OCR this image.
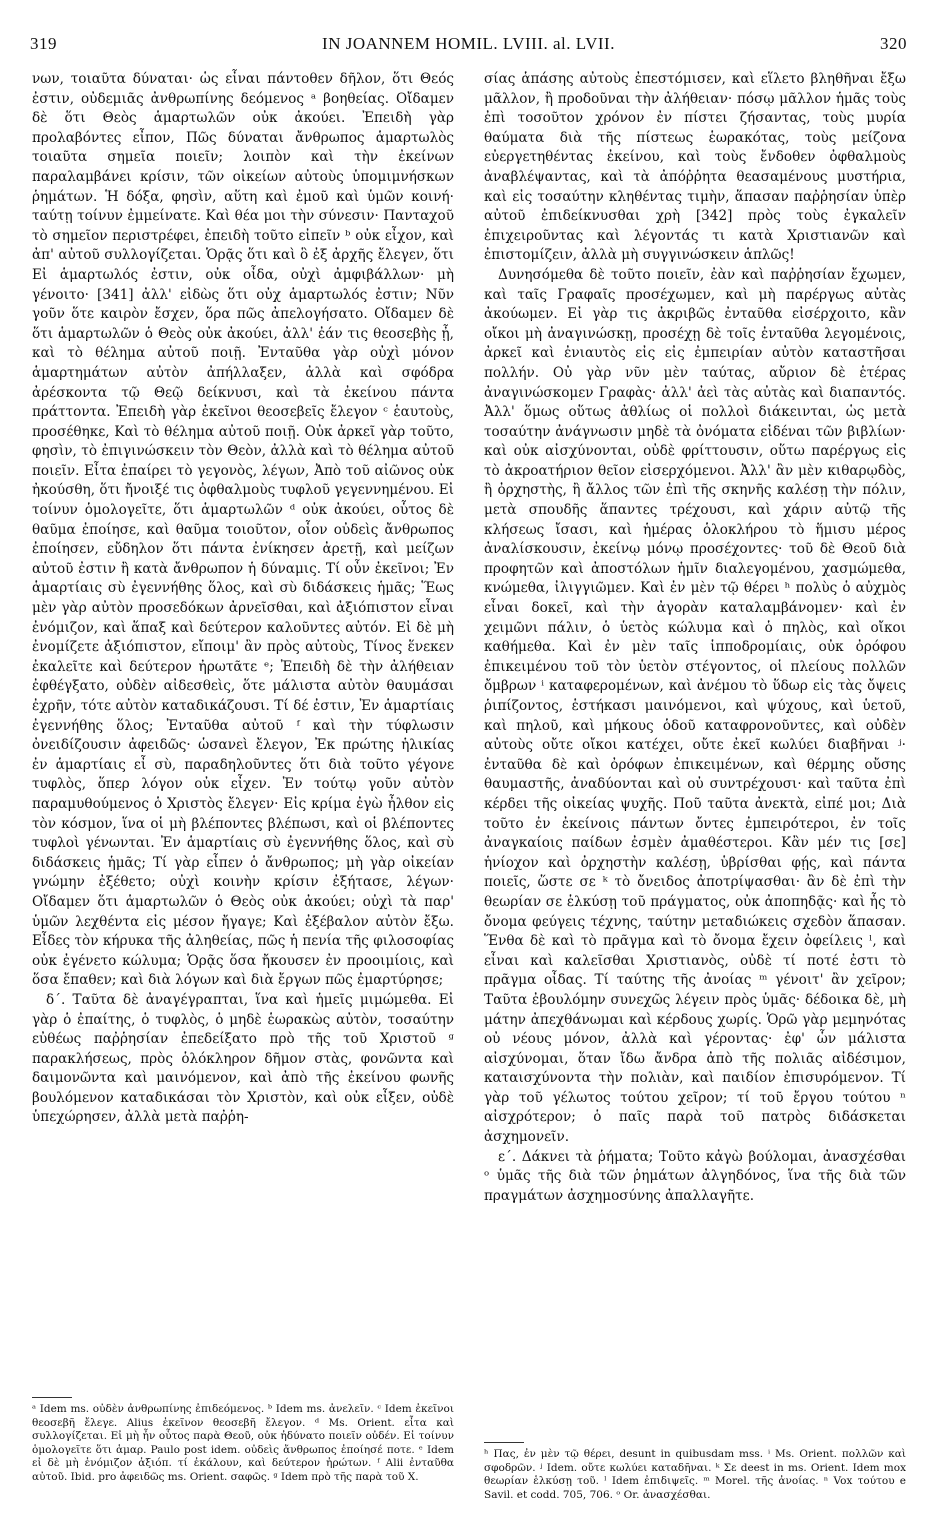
319	IN JOANNEM HOMIL. LVIII. al. LVII.	320

νων, τοιαῦτα δύναται· ὡς εἶναι πάντοθεν δῆλον, ὅτι Θεός ἐστιν, οὐδεμιᾶς ἀνθρωπίνης δεόμενος ᵃ βοηθείας. Οἴδαμεν δὲ ὅτι Θεὸς ἁμαρτωλῶν οὐκ ἀκούει. Ἐπειδὴ γὰρ προλαβόντες εἶπον, Πῶς δύναται ἄνθρωπος ἁμαρτωλὸς τοιαῦτα σημεῖα ποιεῖν; λοιπὸν καὶ τὴν ἐκείνων παραλαμβάνει κρίσιν, τῶν οἰκείων αὐτοὺς ὑπομιμνήσκων ῥημάτων. Ἡ δόξα, φησὶν, αὕτη καὶ ἐμοῦ καὶ ὑμῶν κοινή· ταύτῃ τοίνυν ἐμμείνατε. Καὶ θέα μοι τὴν σύνεσιν· Πανταχοῦ τὸ σημεῖον περιστρέφει, ἐπειδὴ τοῦτο εἰπεῖν ᵇ οὐκ εἶχον, καὶ ἀπ' αὐτοῦ συλλογίζεται. Ὁρᾷς ὅτι καὶ ὃ ἐξ ἀρχῆς ἔλεγεν, ὅτι Εἰ ἁμαρτωλός ἐστιν, οὐκ οἶδα, οὐχὶ ἀμφιβάλλων· μὴ γένοιτο· [341] ἀλλ' εἰδὼς ὅτι οὐχ ἁμαρτωλός ἐστιν; Νῦν γοῦν ὅτε καιρὸν ἔσχεν, ὅρα πῶς ἀπελογήσατο. Οἴδαμεν δὲ ὅτι ἁμαρτωλῶν ὁ Θεὸς οὐκ ἀκούει, ἀλλ' ἐάν τις θεοσεβὴς ᾖ, καὶ τὸ θέλημα αὐτοῦ ποιῇ. Ἐνταῦθα γὰρ οὐχὶ μόνον ἁμαρτημάτων αὐτὸν ἀπήλλαξεν, ἀλλὰ καὶ σφόδρα ἀρέσκοντα τῷ Θεῷ δείκνυσι, καὶ τὰ ἐκείνου πάντα πράττοντα. Ἐπειδὴ γὰρ ἐκεῖνοι θεοσεβεῖς ἔλεγον ᶜ ἑαυτοὺς, προσέθηκε, Καὶ τὸ θέλημα αὐτοῦ ποιῇ. Οὐκ ἀρκεῖ γὰρ τοῦτο, φησὶν, τὸ ἐπιγινώσκειν τὸν Θεὸν, ἀλλὰ καὶ τὸ θέλημα αὐτοῦ ποιεῖν. Εἶτα ἐπαίρει τὸ γεγονὸς, λέγων, Ἀπὸ τοῦ αἰῶνος οὐκ ἠκούσθη, ὅτι ἤνοιξέ τις ὀφθαλμοὺς τυφλοῦ γεγεννημένου. Εἰ τοίνυν ὁμολογεῖτε, ὅτι ἁμαρτωλῶν ᵈ οὐκ ἀκούει, οὗτος δὲ θαῦμα ἐποίησε, καὶ θαῦμα τοιοῦτον, οἷον οὐδεὶς ἄνθρωπος ἐποίησεν, εὔδηλον ὅτι πάντα ἐνίκησεν ἀρετῇ, καὶ μείζων αὐτοῦ ἐστιν ἢ κατὰ ἄνθρωπον ἡ δύναμις. Τί οὖν ἐκεῖνοι; Ἐν ἁμαρτίαις σὺ ἐγεννήθης ὅλος, καὶ σὺ διδάσκεις ἡμᾶς; Ἕως μὲν γὰρ αὐτὸν προσεδόκων ἀρνεῖσθαι, καὶ ἀξιόπιστον εἶναι ἐνόμιζον, καὶ ἅπαξ καὶ δεύτερον καλοῦντες αὐτόν. Εἰ δὲ μὴ ἐνομίζετε ἀξιόπιστον, εἴποιμ' ἂν πρὸς αὐτοὺς, Τίνος ἕνεκεν ἐκαλεῖτε καὶ δεύτερον ἠρωτᾶτε ᵉ; Ἐπειδὴ δὲ τὴν ἀλήθειαν ἐφθέγξατο, οὐδὲν αἰδεσθεὶς, ὅτε μάλιστα αὐτὸν θαυμάσαι ἐχρῆν, τότε αὐτὸν καταδικάζουσι. Τί δέ ἐστιν, Ἐν ἁμαρτίαις ἐγεννήθης ὅλος; Ἐνταῦθα αὐτοῦ ᶠ καὶ τὴν τύφλωσιν ὀνειδίζουσιν ἀφειδῶς· ὡσανεὶ ἔλεγον, Ἐκ πρώτης ἡλικίας ἐν ἁμαρτίαις εἶ σὺ, παραδηλοῦντες ὅτι διὰ τοῦτο γέγονε τυφλὸς, ὅπερ λόγον οὐκ εἶχεν. Ἐν τούτῳ γοῦν αὐτὸν παραμυθούμενος ὁ Χριστὸς ἔλεγεν· Εἰς κρίμα ἐγὼ ἦλθον εἰς τὸν κόσμον, ἵνα οἱ μὴ βλέποντες βλέπωσι, καὶ οἱ βλέποντες τυφλοὶ γένωνται. Ἐν ἁμαρτίαις σὺ ἐγεννήθης ὅλος, καὶ σὺ διδάσκεις ἡμᾶς; Τί γὰρ εἶπεν ὁ ἄνθρωπος; μὴ γὰρ οἰκείαν γνώμην ἐξέθετο; οὐχὶ κοινὴν κρίσιν ἐξήτασε, λέγων· Οἴδαμεν ὅτι ἁμαρτωλῶν ὁ Θεὸς οὐκ ἀκούει; οὐχὶ τὰ παρ' ὑμῶν λεχθέντα εἰς μέσον ἤγαγε; Καὶ ἐξέβαλον αὐτὸν ἔξω. Εἶδες τὸν κήρυκα τῆς ἀληθείας, πῶς ἡ πενία τῆς φιλοσοφίας οὐκ ἐγένετο κώλυμα; Ὁρᾷς ὅσα ἤκουσεν ἐν προοιμίοις, καὶ ὅσα ἔπαθεν; καὶ διὰ λόγων καὶ διὰ ἔργων πῶς ἐμαρτύρησε;

δ΄. Ταῦτα δὲ ἀναγέγραπται, ἵνα καὶ ἡμεῖς μιμώμεθα. Εἰ γὰρ ὁ ἐπαίτης, ὁ τυφλὸς, ὁ μηδὲ ἑωρακὼς αὐτὸν, τοσαύτην εὐθέως παῤῥησίαν ἐπεδείξατο πρὸ τῆς τοῦ Χριστοῦ ᵍ παρακλήσεως, πρὸς ὁλόκληρον δῆμον στὰς, φονῶντα καὶ δαιμονῶντα καὶ μαινόμενον, καὶ ἀπὸ τῆς ἐκείνου φωνῆς βουλόμενον καταδικάσαι τὸν Χριστὸν, καὶ οὐκ εἶξεν, οὐδὲ ὑπεχώρησεν, ἀλλὰ μετὰ παῤῥη-

σίας ἁπάσης αὐτοὺς ἐπεστόμισεν, καὶ εἵλετο βληθῆναι ἔξω μᾶλλον, ἢ προδοῦναι τὴν ἀλήθειαν· πόσῳ μᾶλλον ἡμᾶς τοὺς ἐπὶ τοσοῦτον χρόνον ἐν πίστει ζήσαντας, τοὺς μυρία θαύματα διὰ τῆς πίστεως ἑωρακότας, τοὺς μείζονα εὐεργετηθέντας ἐκείνου, καὶ τοὺς ἔνδοθεν ὀφθαλμοὺς ἀναβλέψαντας, καὶ τὰ ἀπόῤῥητα θεασαμένους μυστήρια, καὶ εἰς τοσαύτην κληθέντας τιμὴν, ἅπασαν παῤῥησίαν ὑπὲρ αὐτοῦ ἐπιδείκνυσθαι χρὴ [342] πρὸς τοὺς ἐγκαλεῖν ἐπιχειροῦντας καὶ λέγοντάς τι κατὰ Χριστιανῶν καὶ ἐπιστομίζειν, ἀλλὰ μὴ συγγινώσκειν ἁπλῶς!

Δυνησόμεθα δὲ τοῦτο ποιεῖν, ἐὰν καὶ παῤῥησίαν ἔχωμεν, καὶ ταῖς Γραφαῖς προσέχωμεν, καὶ μὴ παρέργως αὐτὰς ἀκούωμεν. Εἰ γὰρ τις ἀκριβῶς ἐνταῦθα εἰσέρχοιτο, κἂν οἴκοι μὴ ἀναγινώσκῃ, προσέχῃ δὲ τοῖς ἐνταῦθα λεγομένοις, ἀρκεῖ καὶ ἐνιαυτὸς εἰς εἰς ἐμπειρίαν αὐτὸν καταστῆσαι πολλήν. Οὐ γὰρ νῦν μὲν ταύτας, αὔριον δὲ ἑτέρας ἀναγινώσκομεν Γραφὰς· ἀλλ' ἀεὶ τὰς αὐτὰς καὶ διαπαντός. Ἀλλ' ὅμως οὕτως ἀθλίως οἱ πολλοὶ διάκεινται, ὡς μετὰ τοσαύτην ἀνάγνωσιν μηδὲ τὰ ὀνόματα εἰδέναι τῶν βιβλίων· καὶ οὐκ αἰσχύνονται, οὐδὲ φρίττουσιν, οὕτω παρέργως εἰς τὸ ἀκροατήριον θεῖον εἰσερχόμενοι. Ἀλλ' ἂν μὲν κιθαρῳδὸς, ἢ ὀρχηστὴς, ἢ ἄλλος τῶν ἐπὶ τῆς σκηνῆς καλέσῃ τὴν πόλιν, μετὰ σπουδῆς ἅπαντες τρέχουσι, καὶ χάριν αὐτῷ τῆς κλήσεως ἴσασι, καὶ ἡμέρας ὁλοκλήρου τὸ ἥμισυ μέρος ἀναλίσκουσιν, ἐκείνῳ μόνῳ προσέχοντες· τοῦ δὲ Θεοῦ διὰ προφητῶν καὶ ἀποστόλων ἡμῖν διαλεγομένου, χασμώμεθα, κνώμεθα, ἰλιγγιῶμεν. Καὶ ἐν μὲν τῷ θέρει ʰ πολὺς ὁ αὐχμὸς εἶναι δοκεῖ, καὶ τὴν ἀγορὰν καταλαμβάνομεν· καὶ ἐν χειμῶνι πάλιν, ὁ ὑετὸς κώλυμα καὶ ὁ πηλὸς, καὶ οἴκοι καθήμεθα. Καὶ ἐν μὲν ταῖς ἱπποδρομίαις, οὐκ ὀρόφου ἐπικειμένου τοῦ τὸν ὑετὸν στέγοντος, οἱ πλείους πολλῶν ὄμβρων ⁱ καταφερομένων, καὶ ἀνέμου τὸ ὕδωρ εἰς τὰς ὄψεις ῥιπίζοντος, ἑστήκασι μαινόμενοι, καὶ ψύχους, καὶ ὑετοῦ, καὶ πηλοῦ, καὶ μήκους ὁδοῦ καταφρονοῦντες, καὶ οὐδὲν αὐτοὺς οὔτε οἴκοι κατέχει, οὔτε ἐκεῖ κωλύει διαβῆναι ʲ· ἐνταῦθα δὲ καὶ ὀρόφων ἐπικειμένων, καὶ θέρμης οὔσης θαυμαστῆς, ἀναδύονται καὶ οὐ συντρέχουσι· καὶ ταῦτα ἐπὶ κέρδει τῆς οἰκείας ψυχῆς. Ποῦ ταῦτα ἀνεκτὰ, εἰπέ μοι; Διὰ τοῦτο ἐν ἐκείνοις πάντων ὄντες ἐμπειρότεροι, ἐν τοῖς ἀναγκαίοις παίδων ἐσμὲν ἀμαθέστεροι. Κἂν μέν τις [σε] ἡνίοχον καὶ ὀρχηστὴν καλέσῃ, ὑβρίσθαι φῄς, καὶ πάντα ποιεῖς, ὥστε σε ᵏ τὸ ὄνειδος ἀποτρίψασθαι· ἂν δὲ ἐπὶ τὴν θεωρίαν σε ἑλκύσῃ τοῦ πράγματος, οὐκ ἀποπηδᾷς· καὶ ἧς τὸ ὄνομα φεύγεις τέχνης, ταύτην μεταδιώκεις σχεδὸν ἅπασαν. Ἕνθα δὲ καὶ τὸ πρᾶγμα καὶ τὸ ὄνομα ἔχειν ὀφείλεις ˡ, καὶ εἶναι καὶ καλεῖσθαι Χριστιανὸς, οὐδὲ τί ποτέ ἐστι τὸ πρᾶγμα οἶδας. Τί ταύτης τῆς ἀνοίας ᵐ γένοιτ' ἂν χεῖρον; Ταῦτα ἐβουλόμην συνεχῶς λέγειν πρὸς ὑμᾶς· δέδοικα δὲ, μὴ μάτην ἀπεχθάνωμαι καὶ κέρδους χωρίς. Ὁρῶ γὰρ μεμηνότας οὐ νέους μόνον, ἀλλὰ καὶ γέροντας· ἐφ' ὧν μάλιστα αἰσχύνομαι, ὅταν ἴδω ἄνδρα ἀπὸ τῆς πολιᾶς αἰδέσιμον, καταισχύνοντα τὴν πολιὰν, καὶ παιδίον ἐπισυρόμενον. Τί γὰρ τοῦ γέλωτος τούτου χεῖρον; τί τοῦ ἔργου τούτου ⁿ αἰσχρότερον; ὁ παῖς παρὰ τοῦ πατρὸς διδάσκεται ἀσχημονεῖν.

ε΄. Δάκνει τὰ ῥήματα; Τοῦτο κἀγὼ βούλομαι, ἀνασχέσθαι ᵒ ὑμᾶς τῆς διὰ τῶν ῥημάτων ἀλγηδόνος, ἵνα τῆς διὰ τῶν πραγμάτων ἀσχημοσύνης ἀπαλλαγῆτε.

ᵃ Idem ms. οὐδὲν ἀνθρωπίνης ἐπιδεόμενος. ᵇ Idem ms. ἀνελεῖν. ᶜ Idem ἐκεῖνοι θεοσεβῆ ἔλεγε. Alius ἐκεῖνον θεοσεβῆ ἔλεγον. ᵈ Ms. Orient. εἶτα καὶ συλλογίζεται. Εἰ μὴ ἦν οὗτος παρὰ Θεοῦ, οὐκ ἠδύνατο ποιεῖν οὐδέν. Εἰ τοίνυν ὁμολογεῖτε ὅτι ἁμαρ. Paulo post idem. οὐδεὶς ἄνθρωπος ἐποίησέ ποτε. ᵉ Idem εἰ δὲ μὴ ἐνόμιζον ἀξιόπ. τί ἐκάλουν, καὶ δεύτερον ἠρώτων. ᶠ Alii ἐνταῦθα αὐτοῦ. Ibid. pro ἀφειδῶς ms. Orient. σαφῶς. ᵍ Idem πρὸ τῆς παρὰ τοῦ Χ.

ʰ Πας, ἐν μὲν τῷ θέρει, desunt in quibusdam mss. ⁱ Ms. Orient. πολλῶν καὶ σφοδρῶν. ʲ Idem. οὔτε κωλύει καταδῆναι. ᵏ Σε deest in ms. Orient. Idem mox θεωρίαν ἑλκύσῃ τοῦ. ˡ Idem ἐπιδιψεῖς. ᵐ Morel. τῆς ἀνοίας. ⁿ Vox τούτου e Savil. et codd. 705, 706. ᵒ Or. ἀνασχέσθαι.
